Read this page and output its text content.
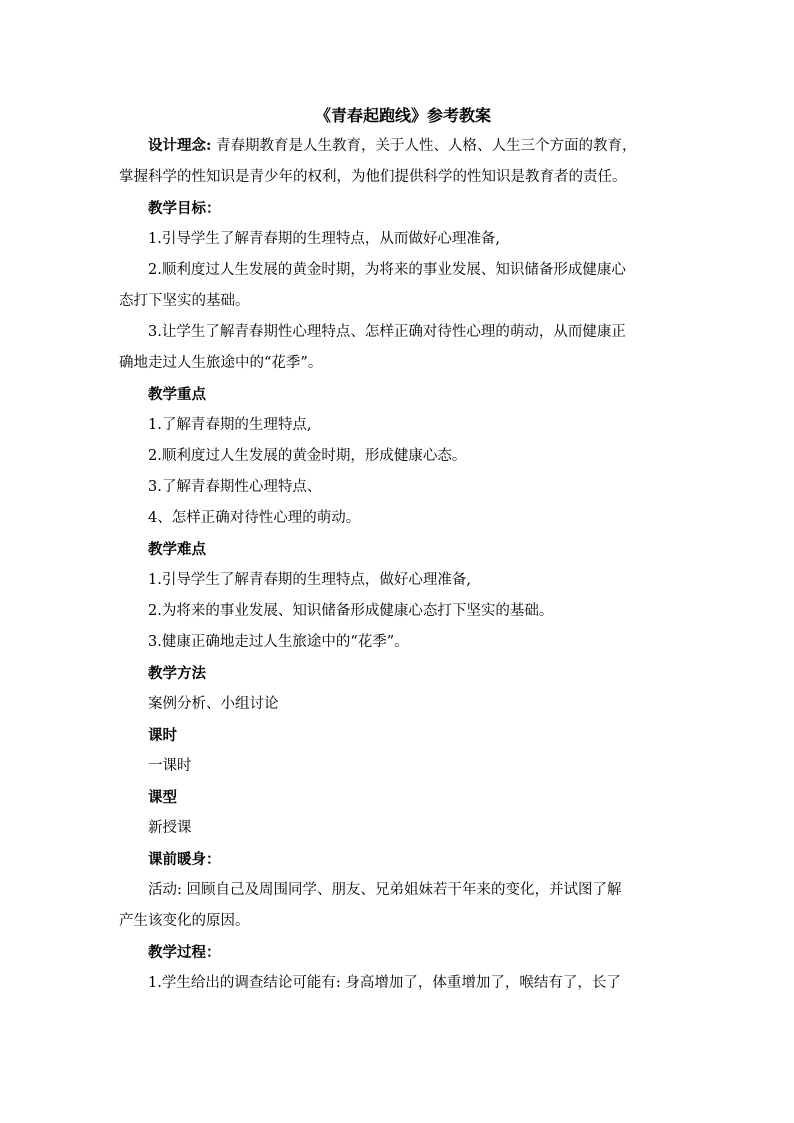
《青春起跑线》参考教案

设计理念: 青春期教育是人生教育，关于人性、人格、人生三个方面的教育，

掌握科学的性知识是青少年的权利，为他们提供科学的性知识是教育者的责任。

教学目标：

1.引导学生了解青春期的生理特点，从而做好心理准备,

2.顺利度过人生发展的黄金时期，为将来的事业发展、知识储备形成健康心

态打下坚实的基础。

3.让学生了解青春期性心理特点、怎样正确对待性心理的萌动，从而健康正

确地走过人生旅途中的“花季”。

教学重点

1.了解青春期的生理特点,

2.顺利度过人生发展的黄金时期，形成健康心态。

3.了解青春期性心理特点、

4、怎样正确对待性心理的萌动。

教学难点

1.引导学生了解青春期的生理特点，做好心理准备,

2.为将来的事业发展、知识储备形成健康心态打下坚实的基础。

3.健康正确地走过人生旅途中的“花季”。

教学方法

案例分析、小组讨论

课时

一课时

课型

新授课

课前暖身：

活动: 回顾自己及周围同学、朋友、兄弟姐妹若干年来的变化，并试图了解

产生该变化的原因。

教学过程：

1.学生给出的调查结论可能有: 身高增加了，体重增加了，喉结有了，长了
